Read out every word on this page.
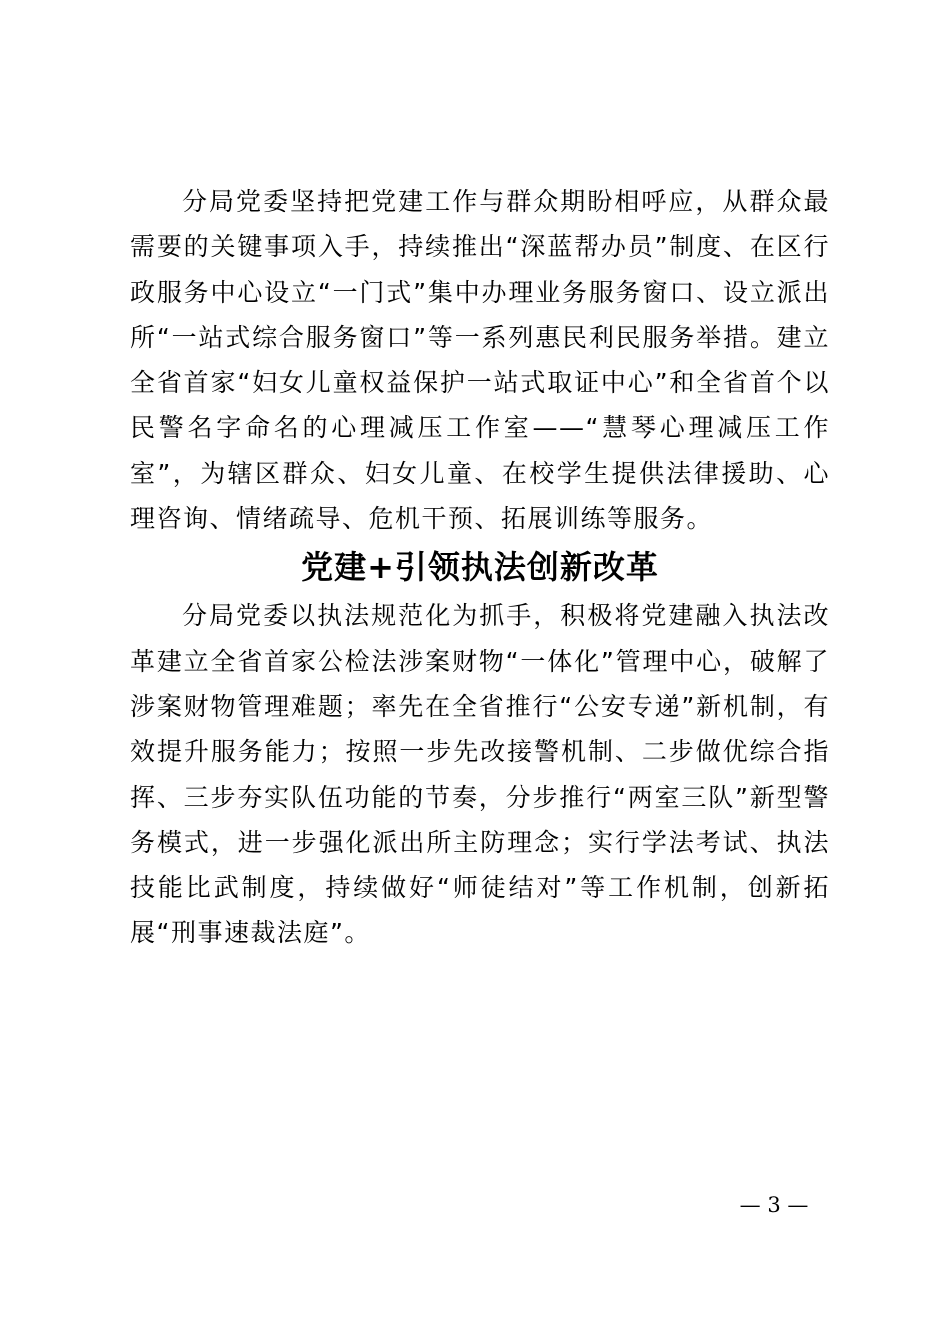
分局党委坚持把党建工作与群众期盼相呼应，从群众最需要的关键事项入手，持续推出“深蓝帮办员”制度、在区行政服务中心设立“一门式”集中办理业务服务窗口、设立派出所“一站式综合服务窗口”等一系列惠民利民服务举措。建立全省首家“妇女儿童权益保护一站式取证中心”和全省首个以民警名字命名的心理减压工作室——“慧琴心理减压工作室”，为辖区群众、妇女儿童、在校学生提供法律援助、心理咨询、情绪疏导、危机干预、拓展训练等服务。

党建+引领执法创新改革

分局党委以执法规范化为抓手，积极将党建融入执法改革建立全省首家公检法涉案财物“一体化”管理中心，破解了涉案财物管理难题；率先在全省推行“公安专递”新机制，有效提升服务能力；按照一步先改接警机制、二步做优综合指挥、三步夯实队伍功能的节奏，分步推行“两室三队”新型警务模式，进一步强化派出所主防理念；实行学法考试、执法技能比武制度，持续做好“师徒结对”等工作机制，创新拓展“刑事速裁法庭”。

— 3 —
